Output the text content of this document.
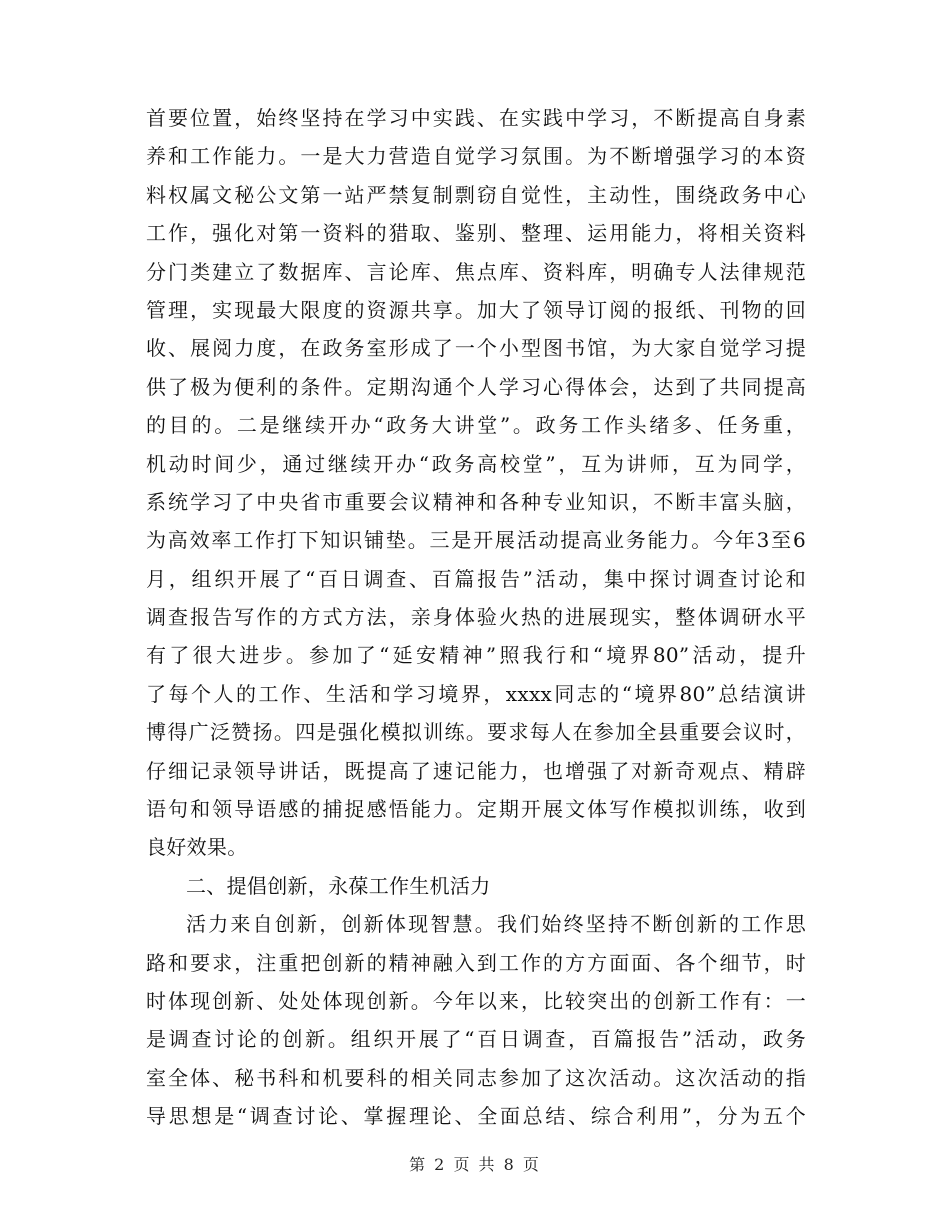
首要位置，始终坚持在学习中实践、在实践中学习，不断提高自身素
养和工作能力。一是大力营造自觉学习氛围。为不断增强学习的本资
料权属文秘公文第一站严禁复制剽窃自觉性，主动性，围绕政务中心
工作，强化对第一资料的猎取、鉴别、整理、运用能力，将相关资料
分门类建立了数据库、言论库、焦点库、资料库，明确专人法律规范
管理，实现最大限度的资源共享。加大了领导订阅的报纸、刊物的回
收、展阅力度，在政务室形成了一个小型图书馆，为大家自觉学习提
供了极为便利的条件。定期沟通个人学习心得体会，达到了共同提高
的目的。二是继续开办“政务大讲堂”。政务工作头绪多、任务重，
机动时间少，通过继续开办“政务高校堂”，互为讲师，互为同学，
系统学习了中央省市重要会议精神和各种专业知识，不断丰富头脑，
为高效率工作打下知识铺垫。三是开展活动提高业务能力。今年3至6
月，组织开展了“百日调查、百篇报告”活动，集中探讨调查讨论和
调查报告写作的方式方法，亲身体验火热的进展现实，整体调研水平
有了很大进步。参加了“延安精神”照我行和“境界80”活动，提升
了每个人的工作、生活和学习境界，xxxx同志的“境界80”总结演讲
博得广泛赞扬。四是强化模拟训练。要求每人在参加全县重要会议时，
仔细记录领导讲话，既提高了速记能力，也增强了对新奇观点、精辟
语句和领导语感的捕捉感悟能力。定期开展文体写作模拟训练，收到
良好效果。
二、提倡创新，永葆工作生机活力
活力来自创新，创新体现智慧。我们始终坚持不断创新的工作思
路和要求，注重把创新的精神融入到工作的方方面面、各个细节，时
时体现创新、处处体现创新。今年以来，比较突出的创新工作有：一
是调查讨论的创新。组织开展了“百日调查，百篇报告”活动，政务
室全体、秘书科和机要科的相关同志参加了这次活动。这次活动的指
导思想是“调查讨论、掌握理论、全面总结、综合利用”，分为五个
第 2 页 共 8 页
